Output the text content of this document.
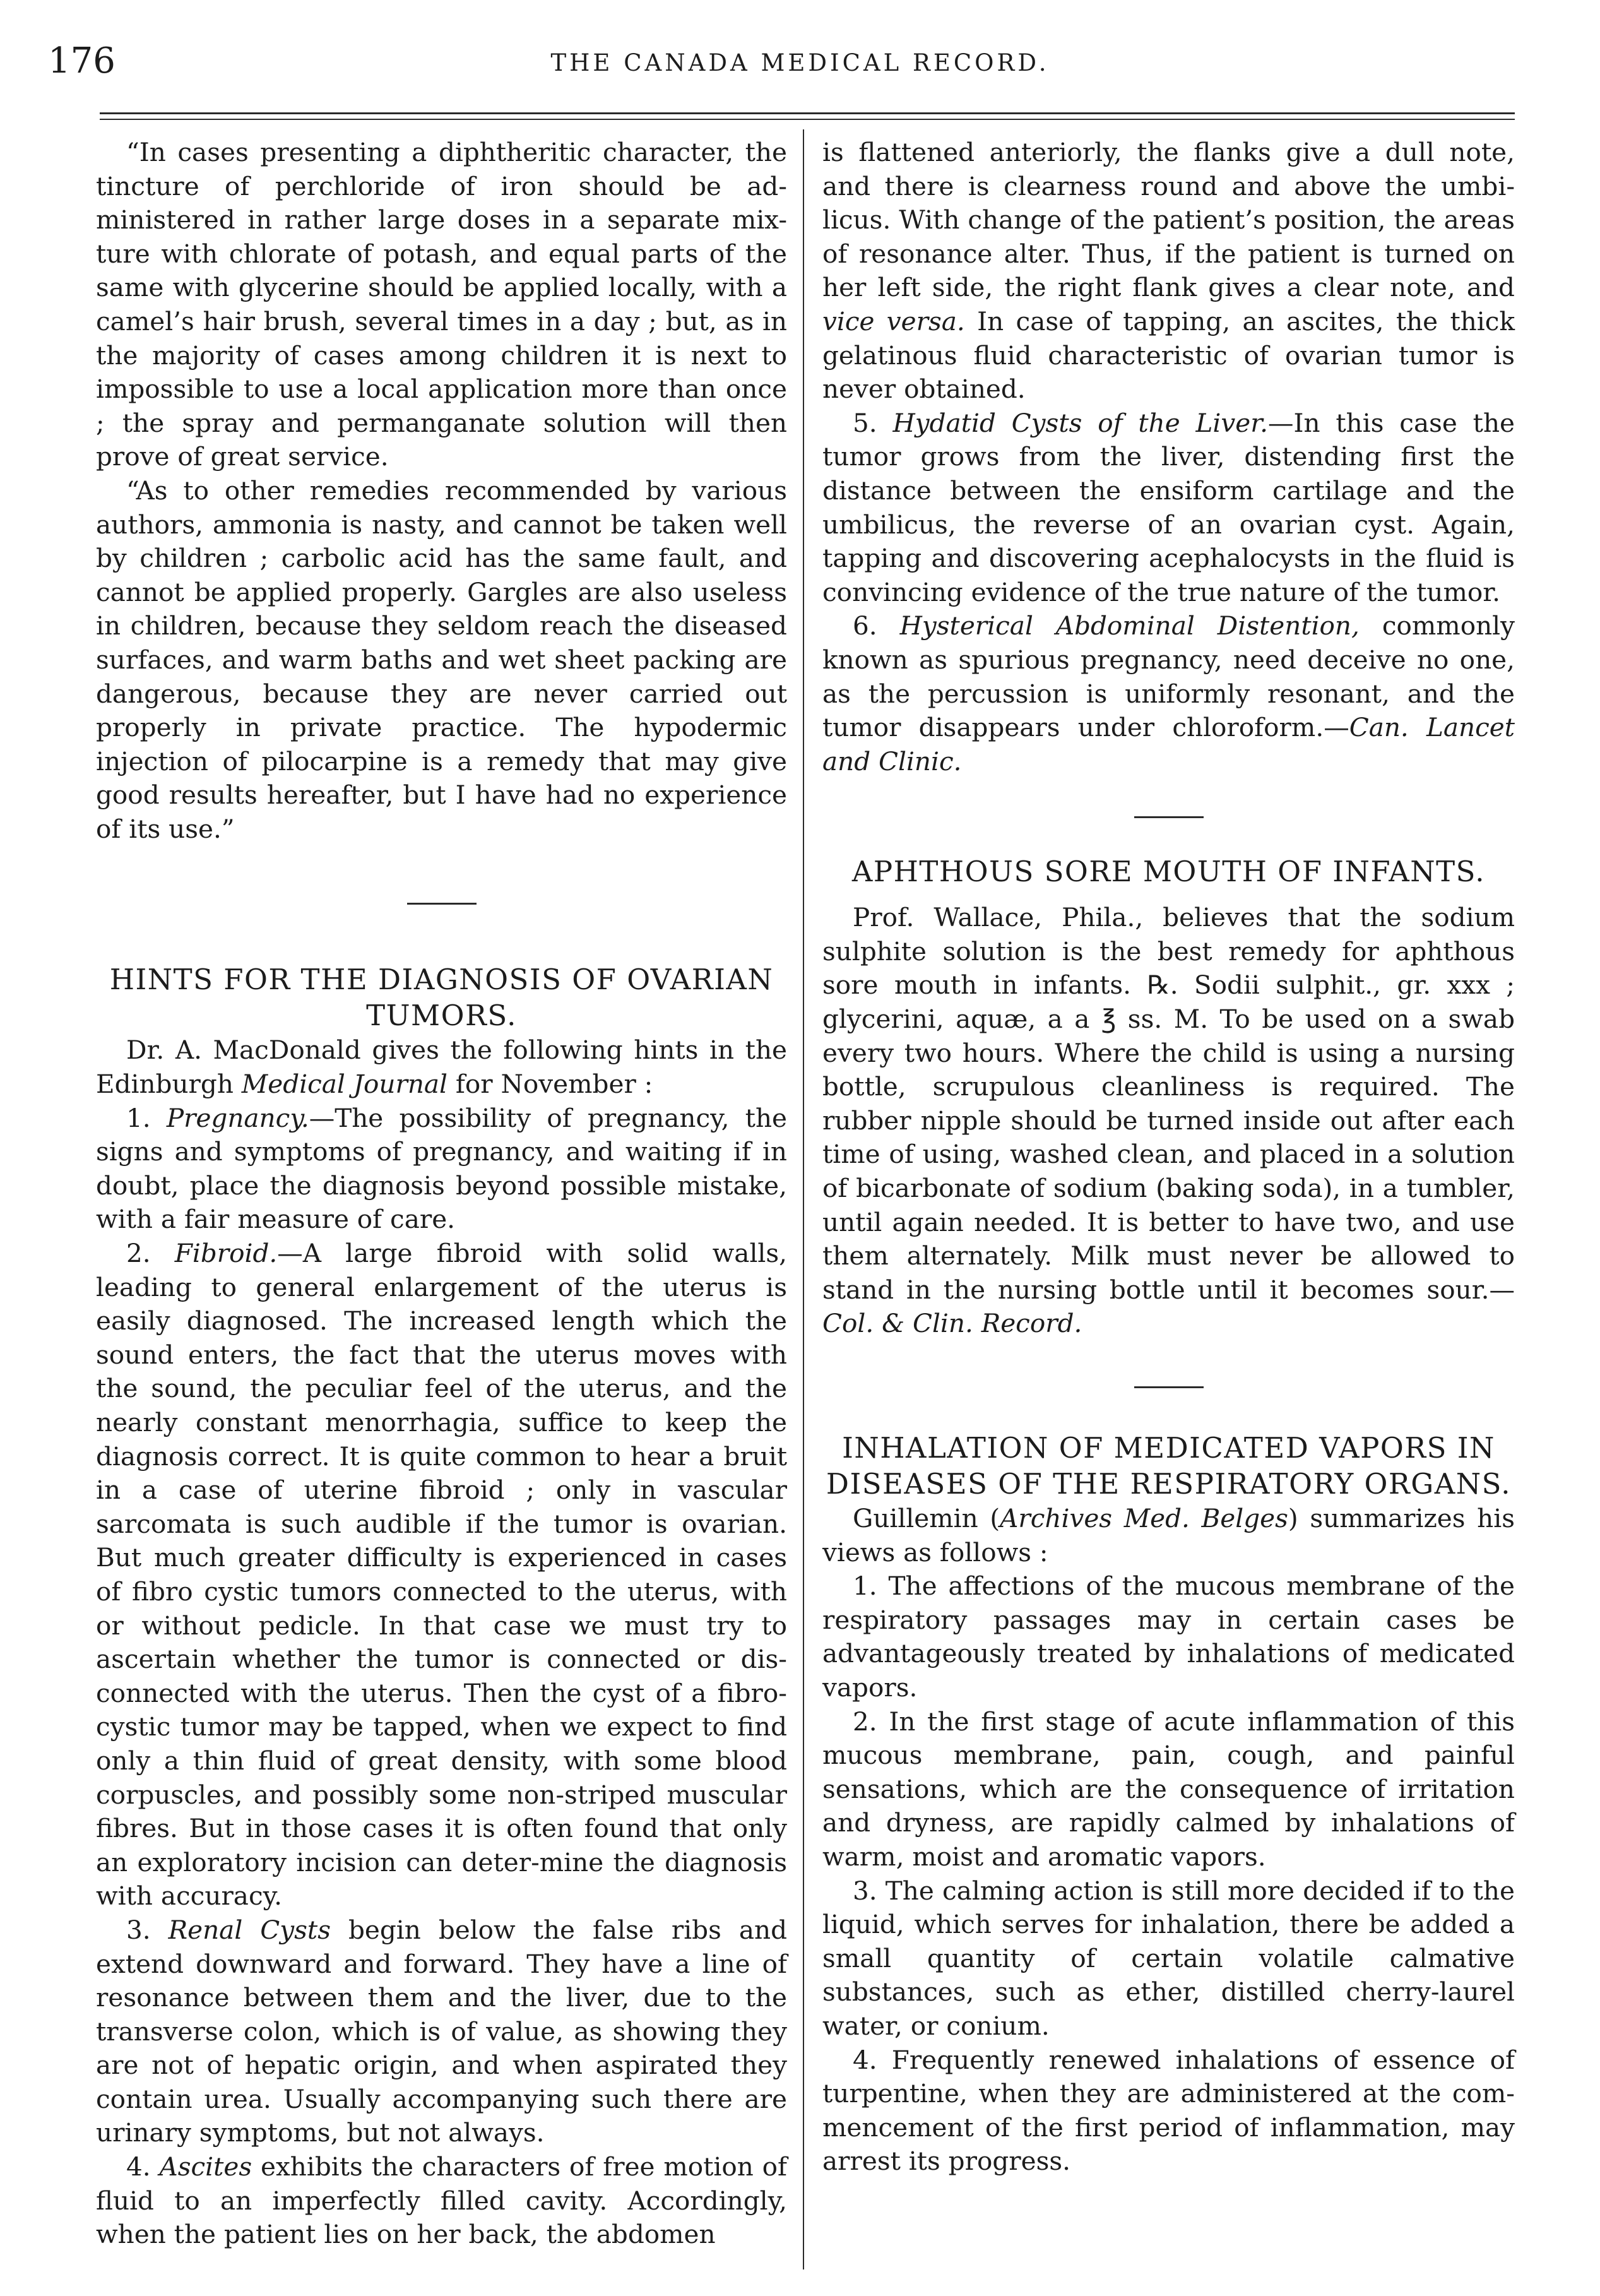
176	THE CANADA MEDICAL RECORD.

“In cases presenting a diphtheritic character, the tincture of perchloride of iron should be ad-ministered in rather large doses in a separate mix-ture with chlorate of potash, and equal parts of the same with glycerine should be applied locally, with a camel’s hair brush, several times in a day ; but, as in the majority of cases among children it is next to impossible to use a local application more than once ; the spray and permanganate solution will then prove of great service.

“As to other remedies recommended by various authors, ammonia is nasty, and cannot be taken well by children ; carbolic acid has the same fault, and cannot be applied properly. Gargles are also useless in children, because they seldom reach the diseased surfaces, and warm baths and wet sheet packing are dangerous, because they are never carried out properly in private practice. The hypodermic injection of pilocarpine is a remedy that may give good results hereafter, but I have had no experience of its use.”

HINTS FOR THE DIAGNOSIS OF OVARIAN TUMORS.

Dr. A. MacDonald gives the following hints in the Edinburgh Medical Journal for November :

1. Pregnancy.—The possibility of pregnancy, the signs and symptoms of pregnancy, and waiting if in doubt, place the diagnosis beyond possible mistake, with a fair measure of care.

2. Fibroid.—A large fibroid with solid walls, leading to general enlargement of the uterus is easily diagnosed. The increased length which the sound enters, the fact that the uterus moves with the sound, the peculiar feel of the uterus, and the nearly constant menorrhagia, suffice to keep the diagnosis correct. It is quite common to hear a bruit in a case of uterine fibroid ; only in vascular sarcomata is such audible if the tumor is ovarian. But much greater difficulty is experienced in cases of fibro cystic tumors connected to the uterus, with or without pedicle. In that case we must try to ascertain whether the tumor is connected or dis-connected with the uterus. Then the cyst of a fibro-cystic tumor may be tapped, when we expect to find only a thin fluid of great density, with some blood corpuscles, and possibly some non-striped muscular fibres. But in those cases it is often found that only an exploratory incision can deter-mine the diagnosis with accuracy.

3. Renal Cysts begin below the false ribs and extend downward and forward. They have a line of resonance between them and the liver, due to the transverse colon, which is of value, as showing they are not of hepatic origin, and when aspirated they contain urea. Usually accompanying such there are urinary symptoms, but not always.

4. Ascites exhibits the characters of free motion of fluid to an imperfectly filled cavity. Accordingly, when the patient lies on her back, the abdomen

is flattened anteriorly, the flanks give a dull note, and there is clearness round and above the umbi-licus. With change of the patient’s position, the areas of resonance alter. Thus, if the patient is turned on her left side, the right flank gives a clear note, and vice versa. In case of tapping, an ascites, the thick gelatinous fluid characteristic of ovarian tumor is never obtained.

5. Hydatid Cysts of the Liver.—In this case the tumor grows from the liver, distending first the distance between the ensiform cartilage and the umbilicus, the reverse of an ovarian cyst. Again, tapping and discovering acephalocysts in the fluid is convincing evidence of the true nature of the tumor.

6. Hysterical Abdominal Distention, commonly known as spurious pregnancy, need deceive no one, as the percussion is uniformly resonant, and the tumor disappears under chloroform.—Can. Lancet and Clinic.

APHTHOUS SORE MOUTH OF INFANTS.

Prof. Wallace, Phila., believes that the sodium sulphite solution is the best remedy for aphthous sore mouth in infants. ℞. Sodii sulphit., gr. xxx ; glycerini, aquæ, a a ℥ ss. M. To be used on a swab every two hours. Where the child is using a nursing bottle, scrupulous cleanliness is required. The rubber nipple should be turned inside out after each time of using, washed clean, and placed in a solution of bicarbonate of sodium (baking soda), in a tumbler, until again needed. It is better to have two, and use them alternately. Milk must never be allowed to stand in the nursing bottle until it becomes sour.—Col. & Clin. Record.

INHALATION OF MEDICATED VAPORS IN DISEASES OF THE RESPIRATORY ORGANS.

Guillemin (Archives Med. Belges) summarizes his views as follows :

1. The affections of the mucous membrane of the respiratory passages may in certain cases be advantageously treated by inhalations of medicated vapors.

2. In the first stage of acute inflammation of this mucous membrane, pain, cough, and painful sensations, which are the consequence of irritation and dryness, are rapidly calmed by inhalations of warm, moist and aromatic vapors.

3. The calming action is still more decided if to the liquid, which serves for inhalation, there be added a small quantity of certain volatile calmative substances, such as ether, distilled cherry-laurel water, or conium.

4. Frequently renewed inhalations of essence of turpentine, when they are administered at the com-mencement of the first period of inflammation, may arrest its progress.
